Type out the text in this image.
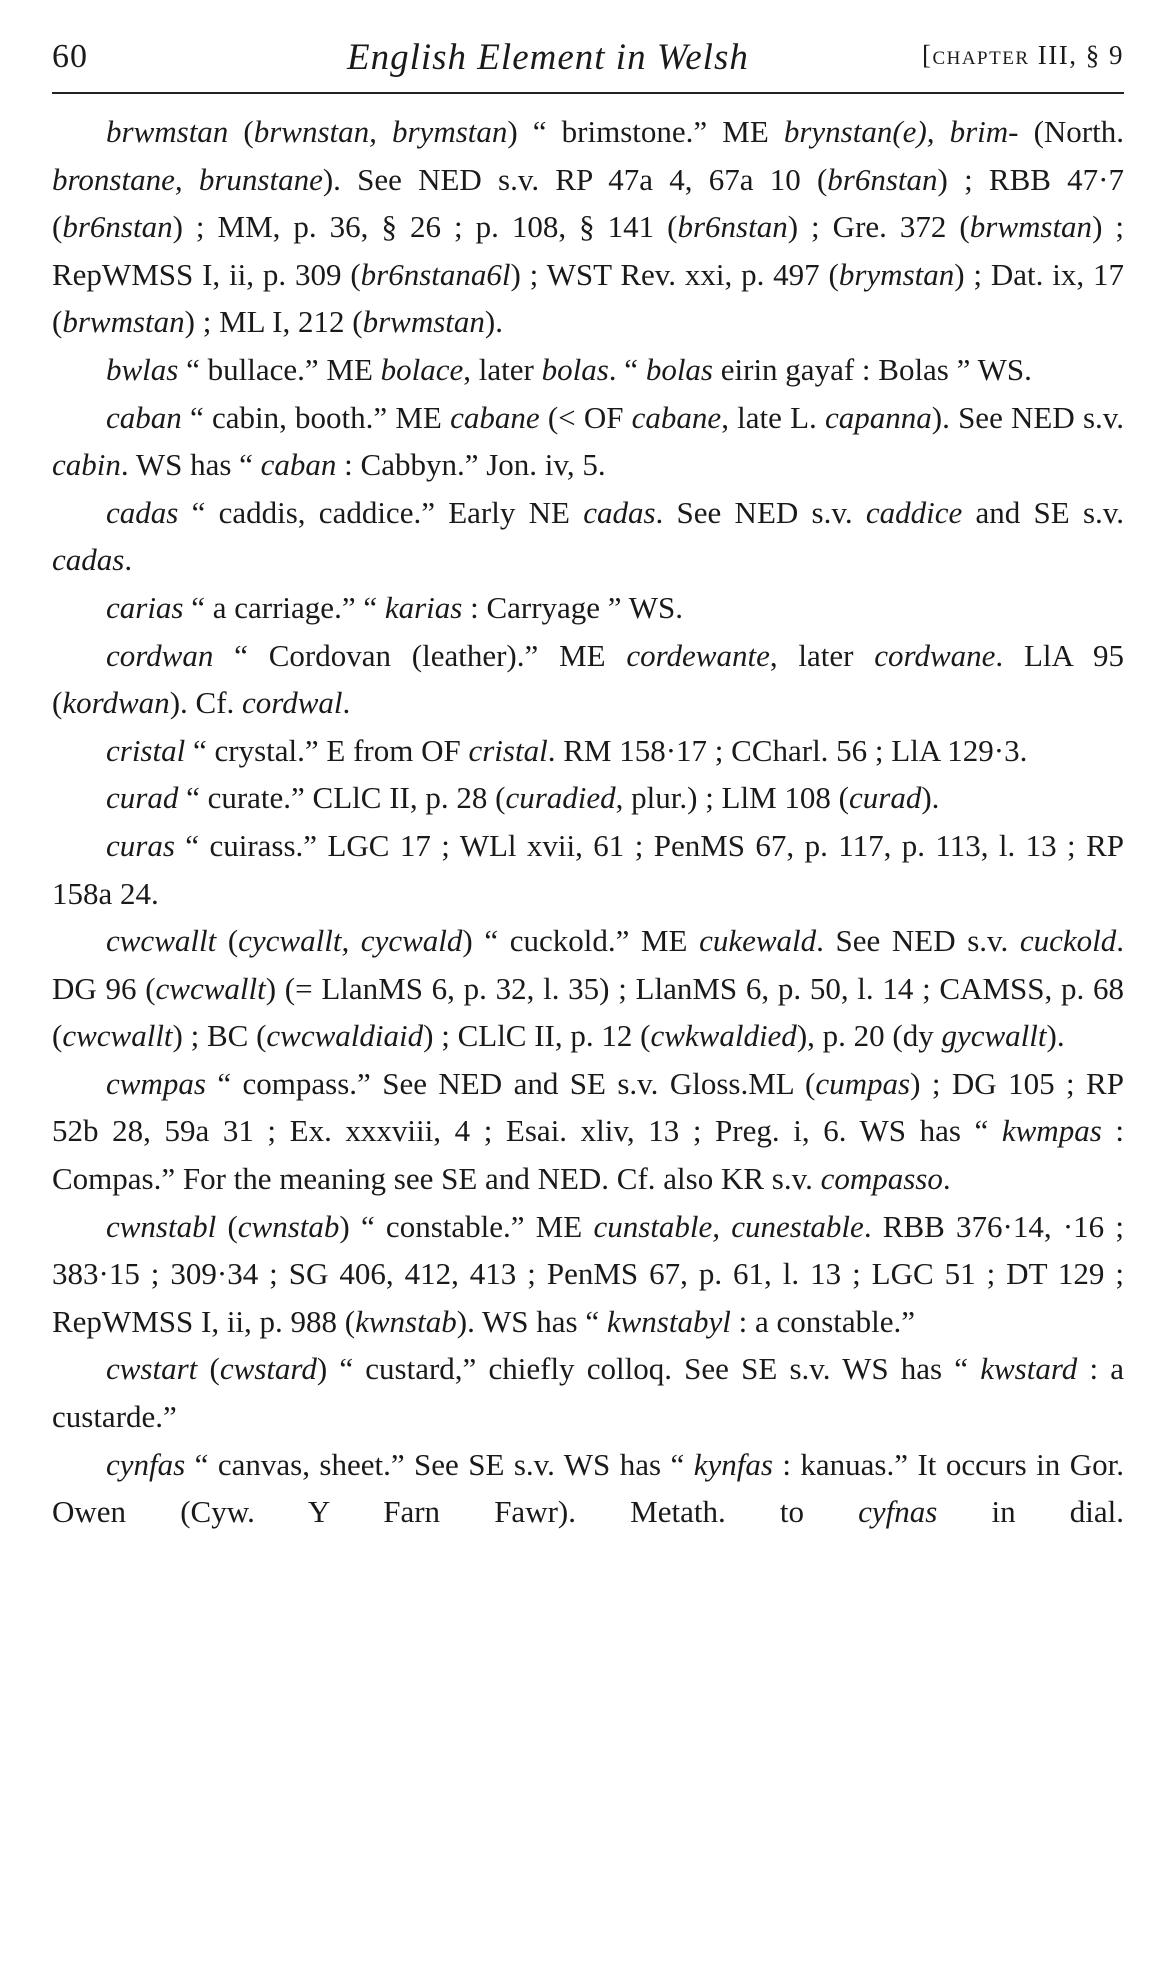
60	English Element in Welsh	[chapter III, § 9

brwmstan (brwnstan, brymstan) “ brimstone.” ME brynstan(e), brim- (North. bronstane, brunstane). See NED s.v. RP 47a 4, 67a 10 (br6nstan) ; RBB 47·7 (br6nstan) ; MM, p. 36, § 26 ; p. 108, § 141 (br6nstan) ; Gre. 372 (brwmstan) ; RepWMSS I, ii, p. 309 (br6nstana6l) ; WST Rev. xxi, p. 497 (brymstan) ; Dat. ix, 17 (brwmstan) ; ML I, 212 (brwmstan).

bwlas “ bullace.” ME bolace, later bolas. “ bolas eirin gayaf : Bolas ” WS.

caban “ cabin, booth.” ME cabane (< OF cabane, late L. capanna). See NED s.v. cabin. WS has “ caban : Cabbyn.” Jon. iv, 5.

cadas “ caddis, caddice.” Early NE cadas. See NED s.v. caddice and SE s.v. cadas.

carias “ a carriage.” “ karias : Carryage ” WS.

cordwan “ Cordovan (leather).” ME cordewante, later cordwane. LlA 95 (kordwan). Cf. cordwal.

cristal “ crystal.” E from OF cristal. RM 158·17 ; CCharl. 56 ; LlA 129·3.

curad “ curate.” CLlC II, p. 28 (curadied, plur.) ; LlM 108 (curad).

curas “ cuirass.” LGC 17 ; WLl xvii, 61 ; PenMS 67, p. 117, p. 113, l. 13 ; RP 158a 24.

cwcwallt (cycwallt, cycwald) “ cuckold.” ME cukewald. See NED s.v. cuckold. DG 96 (cwcwallt) (= LlanMS 6, p. 32, l. 35) ; LlanMS 6, p. 50, l. 14 ; CAMSS, p. 68 (cwcwallt) ; BC (cwcwaldiaid) ; CLlC II, p. 12 (cwkwaldied), p. 20 (dy gycwallt).

cwmpas “ compass.” See NED and SE s.v. Gloss.ML (cumpas) ; DG 105 ; RP 52b 28, 59a 31 ; Ex. xxxviii, 4 ; Esai. xliv, 13 ; Preg. i, 6. WS has “ kwmpas : Compas.” For the meaning see SE and NED. Cf. also KR s.v. compasso.

cwnstabl (cwnstab) “ constable.” ME cunstable, cunestable. RBB 376·14, ·16 ; 383·15 ; 309·34 ; SG 406, 412, 413 ; PenMS 67, p. 61, l. 13 ; LGC 51 ; DT 129 ; RepWMSS I, ii, p. 988 (kwnstab). WS has “ kwnstabyl : a constable.”

cwstart (cwstard) “ custard,” chiefly colloq. See SE s.v. WS has “ kwstard : a custarde.”

cynfas “ canvas, sheet.” See SE s.v. WS has “ kynfas : kanuas.” It occurs in Gor. Owen (Cyw. Y Farn Fawr). Metath. to cyfnas in dial.
